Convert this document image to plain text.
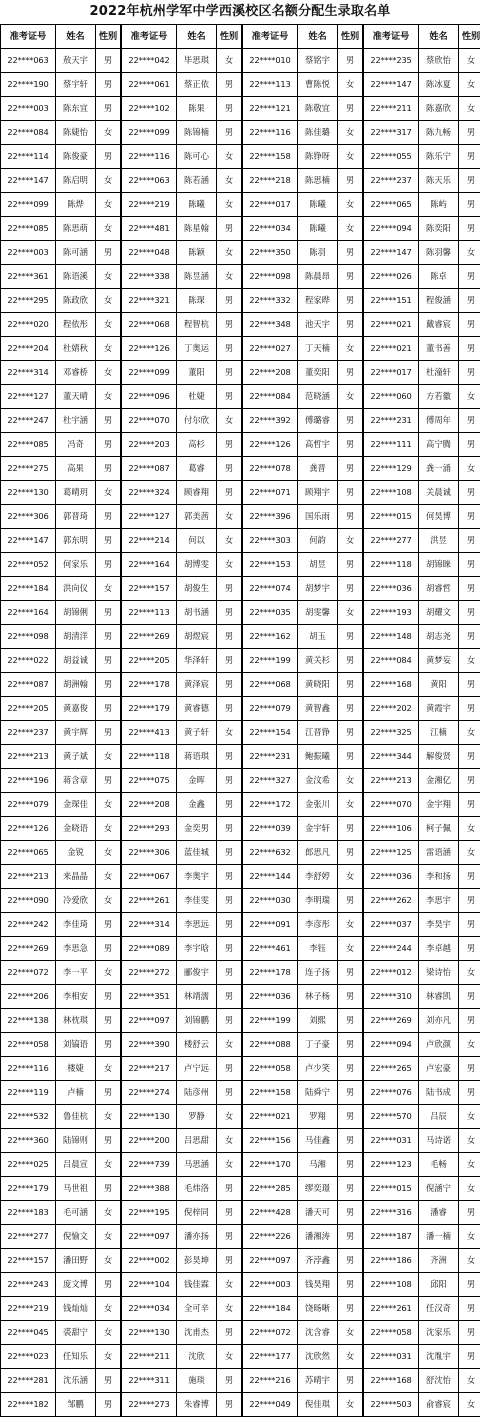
2022年杭州学军中学西溪校区名额分配生录取名单
准考证号	姓名	性别
22****063	敖天宇	男
22****190	蔡宇轩	男
22****003	陈东宜	男
22****084	陈婕怡	女
22****114	陈俊豪	男
22****147	陈启明	女
22****099	陈烨	女
22****085	陈思萌	女
22****003	陈可涵	男
22****361	陈语溪	女
22****295	陈政欣	女
22****020	程依彤	女
22****204	杜婧秋	女
22****314	邓睿桥	女
22****127	董天晴	女
22****247	杜宇涵	男
22****085	冯奇	男
22****275	高果	男
22****130	葛晴玥	女
22****306	郭晋琦	男
22****147	郭东明	男
22****052	何家乐	男
22****184	洪向仪	女
22****164	胡锦俐	男
22****098	胡清洋	男
22****022	胡益诚	男
22****087	胡洲翰	男
22****205	黄嘉俊	男
22****237	黄宇辉	男
22****213	黄子斌	女
22****196	蒋含章	男
22****079	金琛佳	女
22****126	金晓语	女
22****065	金锐	女
22****213	来晶晶	女
22****090	冷爱欣	女
22****242	李佳琦	男
22****269	李思急	男
22****072	李一平	女
22****206	李相安	男
22****138	林枕琪	男
22****058	刘镐语	男
22****116	楼婕	女
22****119	卢楠	男
22****532	鲁佳杭	女
22****360	陆锦则	男
22****025	吕晨宣	女
22****179	马世祖	男
22****183	毛可涵	女
22****277	倪愉文	女
22****157	潘田野	女
22****243	庞文博	男
22****219	钱灿灿	女
22****045	裘甜宁	女
22****023	任知乐	女
22****281	沈乐涵	男
22****182	邹鹏	男
准考证号	姓名	性别
22****042	毕思琪	女
22****061	蔡正依	男
22****102	陈果	男
22****099	陈锦楠	男
22****116	陈可心	女
22****063	陈若涵	女
22****219	陈曦	女
22****481	陈星翰	男
22****048	陈颖	女
22****338	陈昱涵	女
22****321	陈琛	男
22****068	程智杭	男
22****126	丁奥运	男
22****099	董阳	男
22****096	杜婕	男
22****070	付尔欣	女
22****203	高杉	男
22****087	葛睿	男
22****324	顾睿翔	男
22****127	郭美茜	女
22****214	何以	女
22****164	胡博雯	女
22****157	胡俊生	男
22****113	胡书涵	男
22****269	胡煜宸	男
22****205	华泽轩	男
22****178	黄泽宸	男
22****179	黄睿德	男
22****413	黄子轩	女
22****118	蒋语琪	男
22****075	金晖	男
22****208	金鑫	男
22****293	金奕男	男
22****306	蓝佳城	男
22****067	李奥宇	男
22****261	李佳雯	男
22****314	李思远	男
22****089	李宇晗	男
22****272	郦俊宇	男
22****351	林靖濡	男
22****097	刘锦鹏	男
22****390	楼舒云	女
22****217	卢宁远	男
22****274	陆彦州	男
22****130	罗静	女
22****200	吕思甜	女
22****739	马思涵	女
22****388	毛炜洛	男
22****195	倪梓同	男
22****097	潘亦扬	男
22****002	彭昊坤	男
22****104	钱佳霖	女
22****034	全可辛	女
22****130	沈甫杰	男
22****211	沈欣	女
22****311	施琰	男
22****273	朱睿博	男
准考证号	姓名	性别
22****010	蔡铭宇	男
22****113	曹陈悦	女
22****121	陈敬宜	男
22****116	陈佳璐	女
22****158	陈铮呀	女
22****218	陈思楠	男
22****017	陈曦	女
22****034	陈曦	女
22****350	陈羽	男
22****098	陈晨昂	男
22****332	程家晔	男
22****348	池天宇	男
22****027	丁天楠	女
22****208	董奕阳	男
22****084	范晓涵	女
22****392	傅璐睿	男
22****126	高哲宇	男
22****078	龚晋	男
22****071	顾翔宇	男
22****396	国乐雨	男
22****303	何韵	女
22****153	胡昱	男
22****074	胡梦宇	男
22****035	胡雯馨	女
22****162	胡玉	男
22****199	黄关杉	男
22****068	黄晓阳	男
22****079	黄智鑫	男
22****154	江晋铮	男
22****231	鲍振曦	男
22****327	金汶希	女
22****172	金张川	女
22****039	金宇轩	男
22****632	郎思凡	男
22****144	李舒婷	女
22****030	李明瑞	男
22****091	李彦彤	女
22****461	李钰	女
22****178	连子扬	男
22****036	林子杨	男
22****199	刘熙	男
22****088	丁子豪	男
22****058	卢少笑	男
22****158	陆舜宁	男
22****021	罗翔	男
22****156	马佳鑫	男
22****170	马湘	男
22****285	缪奕璟	男
22****428	潘天可	男
22****226	潘湘涛	男
22****097	齐浡鑫	男
22****003	钱昊翔	男
22****184	饶旸晰	男
22****072	沈含睿	女
22****177	沈欣然	女
22****216	苏晴宇	男
22****049	倪佳琪	女
准考证号	姓名	性别
22****235	蔡欣怡	女
22****147	陈冰夏	女
22****211	陈嘉欣	女
22****317	陈九畅	男
22****055	陈乐宁	男
22****237	陈天乐	男
22****065	陈屿	男
22****094	陈奕阳	男
22****147	陈羽馨	女
22****026	陈卓	男
22****151	程俊涵	男
22****021	戴睿宸	男
22****021	董书善	男
22****017	杜潼轩	男
22****060	方若徽	女
22****231	傅周年	男
22****111	高宁腾	男
22****129	龚一涌	女
22****108	关晨诚	男
22****015	何昊博	男
22****277	洪昱	男
22****118	胡锦睐	男
22****036	胡睿哲	男
22****193	胡耀文	男
22****148	胡志尧	男
22****084	黄梦妄	女
22****168	黄阳	男
22****202	黄霞宇	男
22****325	江楠	女
22****344	解俊贤	男
22****213	金湘亿	男
22****070	金宇翔	男
22****106	柯子佩	女
22****125	雷语涵	女
22****036	李和扬	男
22****262	李思宇	男
22****037	李昊宇	男
22****244	李卓越	男
22****012	梁诗怡	女
22****310	林睿凯	男
22****269	刘亦凡	男
22****094	卢欣颜	女
22****265	卢宏豪	男
22****076	陆书成	男
22****570	吕辰	女
22****031	马诗诺	女
22****123	毛畅	女
22****015	倪涵宁	女
22****316	潘睿	男
22****187	潘一楠	女
22****186	齐洲	女
22****108	邱阳	男
22****261	任汉奇	男
22****058	沈家乐	男
22****031	沈胤宇	男
22****168	舒沈怡	女
22****503	俞睿宸	女
